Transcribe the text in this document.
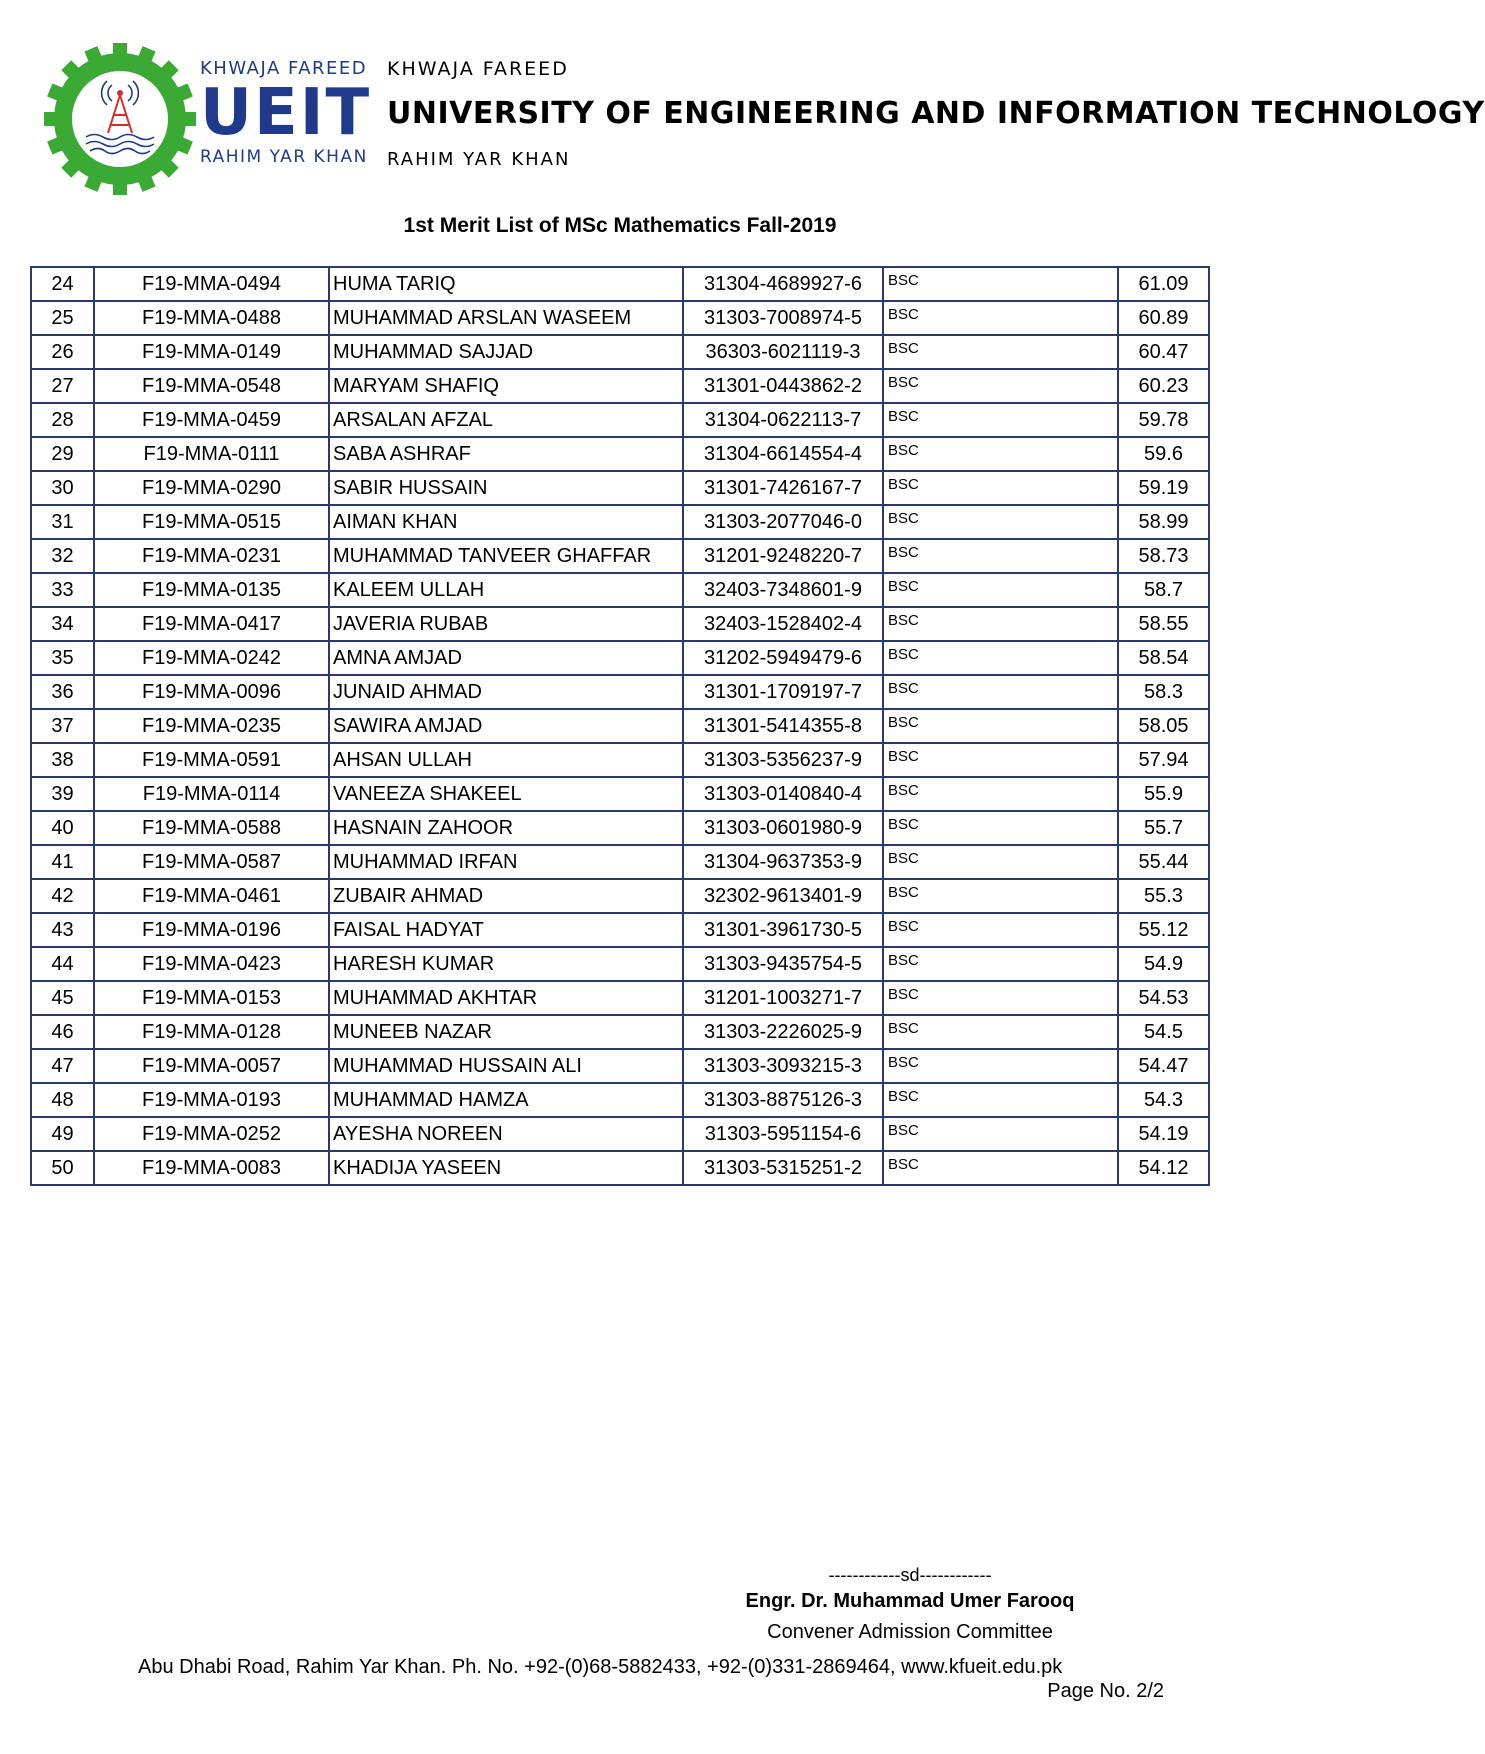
KHWAJA FAREED
UEIT
RAHIM YAR KHAN
KHWAJA FAREED
UNIVERSITY OF ENGINEERING AND INFORMATION TECHNOLOGY
RAHIM YAR KHAN
1st Merit List of MSc Mathematics Fall-2019
24	F19-MMA-0494	HUMA TARIQ	31304-4689927-6	BSC	61.09
25	F19-MMA-0488	MUHAMMAD ARSLAN WASEEM	31303-7008974-5	BSC	60.89
26	F19-MMA-0149	MUHAMMAD SAJJAD	36303-6021119-3	BSC	60.47
27	F19-MMA-0548	MARYAM SHAFIQ	31301-0443862-2	BSC	60.23
28	F19-MMA-0459	ARSALAN AFZAL	31304-0622113-7	BSC	59.78
29	F19-MMA-0111	SABA ASHRAF	31304-6614554-4	BSC	59.6
30	F19-MMA-0290	SABIR HUSSAIN	31301-7426167-7	BSC	59.19
31	F19-MMA-0515	AIMAN KHAN	31303-2077046-0	BSC	58.99
32	F19-MMA-0231	MUHAMMAD TANVEER GHAFFAR	31201-9248220-7	BSC	58.73
33	F19-MMA-0135	KALEEM ULLAH	32403-7348601-9	BSC	58.7
34	F19-MMA-0417	JAVERIA RUBAB	32403-1528402-4	BSC	58.55
35	F19-MMA-0242	AMNA AMJAD	31202-5949479-6	BSC	58.54
36	F19-MMA-0096	JUNAID AHMAD	31301-1709197-7	BSC	58.3
37	F19-MMA-0235	SAWIRA AMJAD	31301-5414355-8	BSC	58.05
38	F19-MMA-0591	AHSAN ULLAH	31303-5356237-9	BSC	57.94
39	F19-MMA-0114	VANEEZA SHAKEEL	31303-0140840-4	BSC	55.9
40	F19-MMA-0588	HASNAIN ZAHOOR	31303-0601980-9	BSC	55.7
41	F19-MMA-0587	MUHAMMAD IRFAN	31304-9637353-9	BSC	55.44
42	F19-MMA-0461	ZUBAIR AHMAD	32302-9613401-9	BSC	55.3
43	F19-MMA-0196	FAISAL HADYAT	31301-3961730-5	BSC	55.12
44	F19-MMA-0423	HARESH KUMAR	31303-9435754-5	BSC	54.9
45	F19-MMA-0153	MUHAMMAD AKHTAR	31201-1003271-7	BSC	54.53
46	F19-MMA-0128	MUNEEB NAZAR	31303-2226025-9	BSC	54.5
47	F19-MMA-0057	MUHAMMAD HUSSAIN ALI	31303-3093215-3	BSC	54.47
48	F19-MMA-0193	MUHAMMAD HAMZA	31303-8875126-3	BSC	54.3
49	F19-MMA-0252	AYESHA NOREEN	31303-5951154-6	BSC	54.19
50	F19-MMA-0083	KHADIJA YASEEN	31303-5315251-2	BSC	54.12
------------sd------------
Engr. Dr. Muhammad Umer Farooq
Convener Admission Committee
Abu Dhabi Road, Rahim Yar Khan. Ph. No. +92-(0)68-5882433, +92-(0)331-2869464, www.kfueit.edu.pk
Page No. 2/2
